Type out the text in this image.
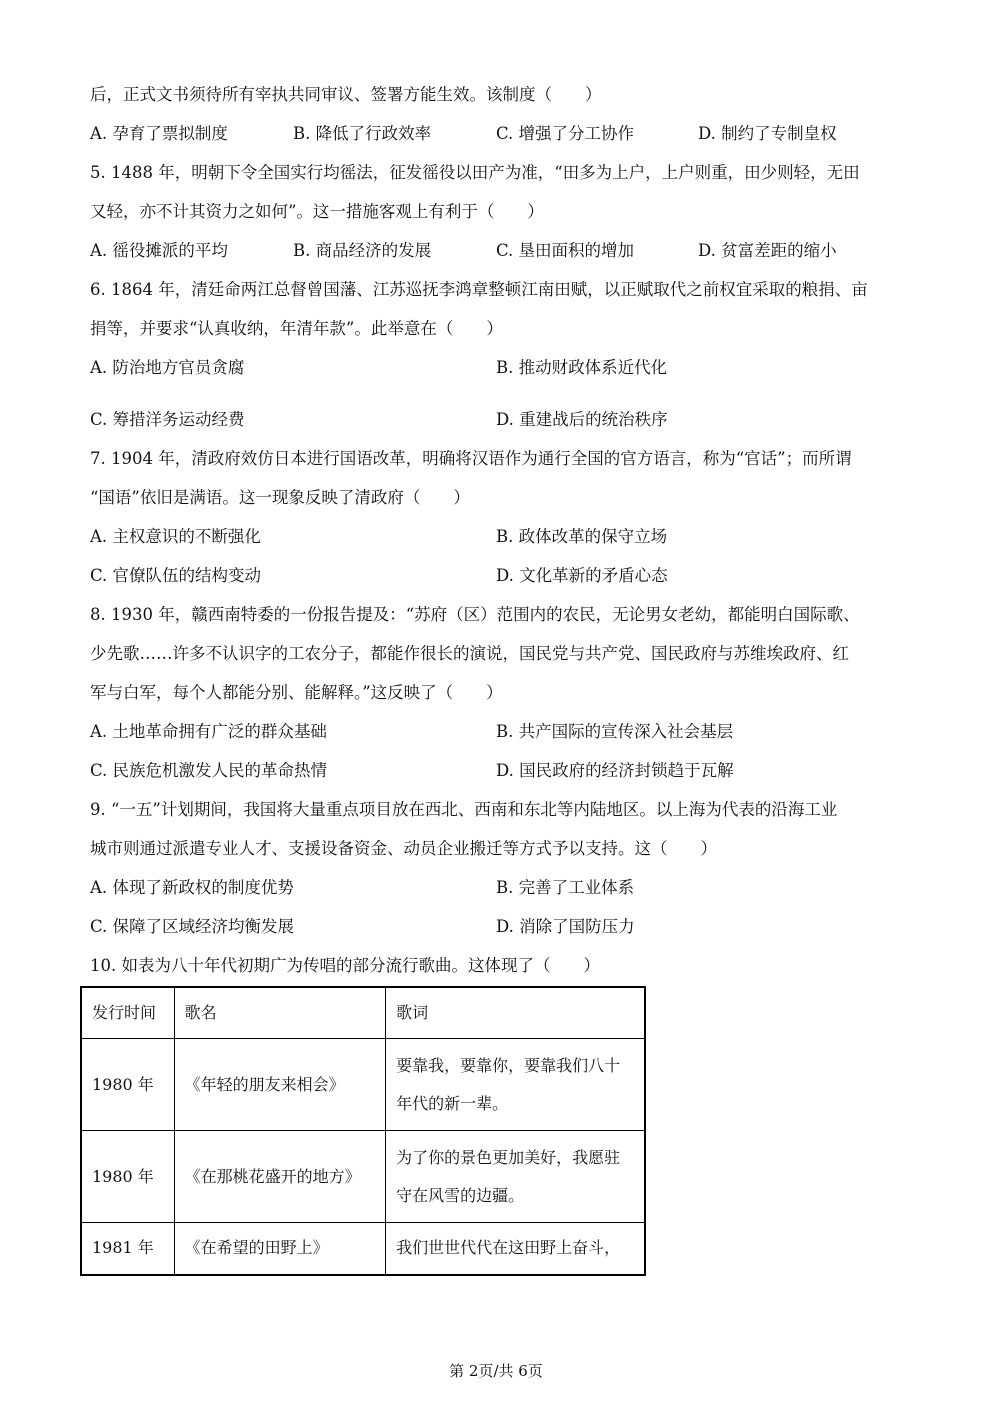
后，正式文书须待所有宰执共同审议、签署方能生效。该制度（　　）
A. 孕育了票拟制度	B. 降低了行政效率	C. 增强了分工协作	D. 制约了专制皇权
5. 1488 年，明朝下令全国实行均徭法，征发徭役以田产为准，“田多为上户，上户则重，田少则轻，无田
又轻，亦不计其资力之如何”。这一措施客观上有利于（　　）
A. 徭役摊派的平均	B. 商品经济的发展	C. 垦田面积的增加	D. 贫富差距的缩小
6. 1864 年，清廷命两江总督曾国藩、江苏巡抚李鸿章整顿江南田赋，以正赋取代之前权宜采取的粮捐、亩
捐等，并要求“认真收纳，年清年款”。此举意在（　　）
A. 防治地方官员贪腐	B. 推动财政体系近代化
C. 筹措洋务运动经费	D. 重建战后的统治秩序
7. 1904 年，清政府效仿日本进行国语改革，明确将汉语作为通行全国的官方语言，称为“官话”；而所谓
“国语”依旧是满语。这一现象反映了清政府（　　）
A. 主权意识的不断强化	B. 政体改革的保守立场
C. 官僚队伍的结构变动	D. 文化革新的矛盾心态
8. 1930 年，赣西南特委的一份报告提及：“苏府（区）范围内的农民，无论男女老幼，都能明白国际歌、
少先歌……许多不认识字的工农分子，都能作很长的演说，国民党与共产党、国民政府与苏维埃政府、红
军与白军，每个人都能分别、能解释。”这反映了（　　）
A. 土地革命拥有广泛的群众基础	B. 共产国际的宣传深入社会基层
C. 民族危机激发人民的革命热情	D. 国民政府的经济封锁趋于瓦解
9. “一五”计划期间，我国将大量重点项目放在西北、西南和东北等内陆地区。以上海为代表的沿海工业
城市则通过派遣专业人才、支援设备资金、动员企业搬迁等方式予以支持。这（　　）
A. 体现了新政权的制度优势	B. 完善了工业体系
C. 保障了区域经济均衡发展	D. 消除了国防压力
10. 如表为八十年代初期广为传唱的部分流行歌曲。这体现了（　　）
发行时间	歌名	歌词
1980 年	《年轻的朋友来相会》	要靠我，要靠你，要靠我们八十年代的新一辈。
1980 年	《在那桃花盛开的地方》	为了你的景色更加美好，我愿驻守在风雪的边疆。
1981 年	《在希望的田野上》	我们世世代代在这田野上奋斗，
第 2页/共 6页
